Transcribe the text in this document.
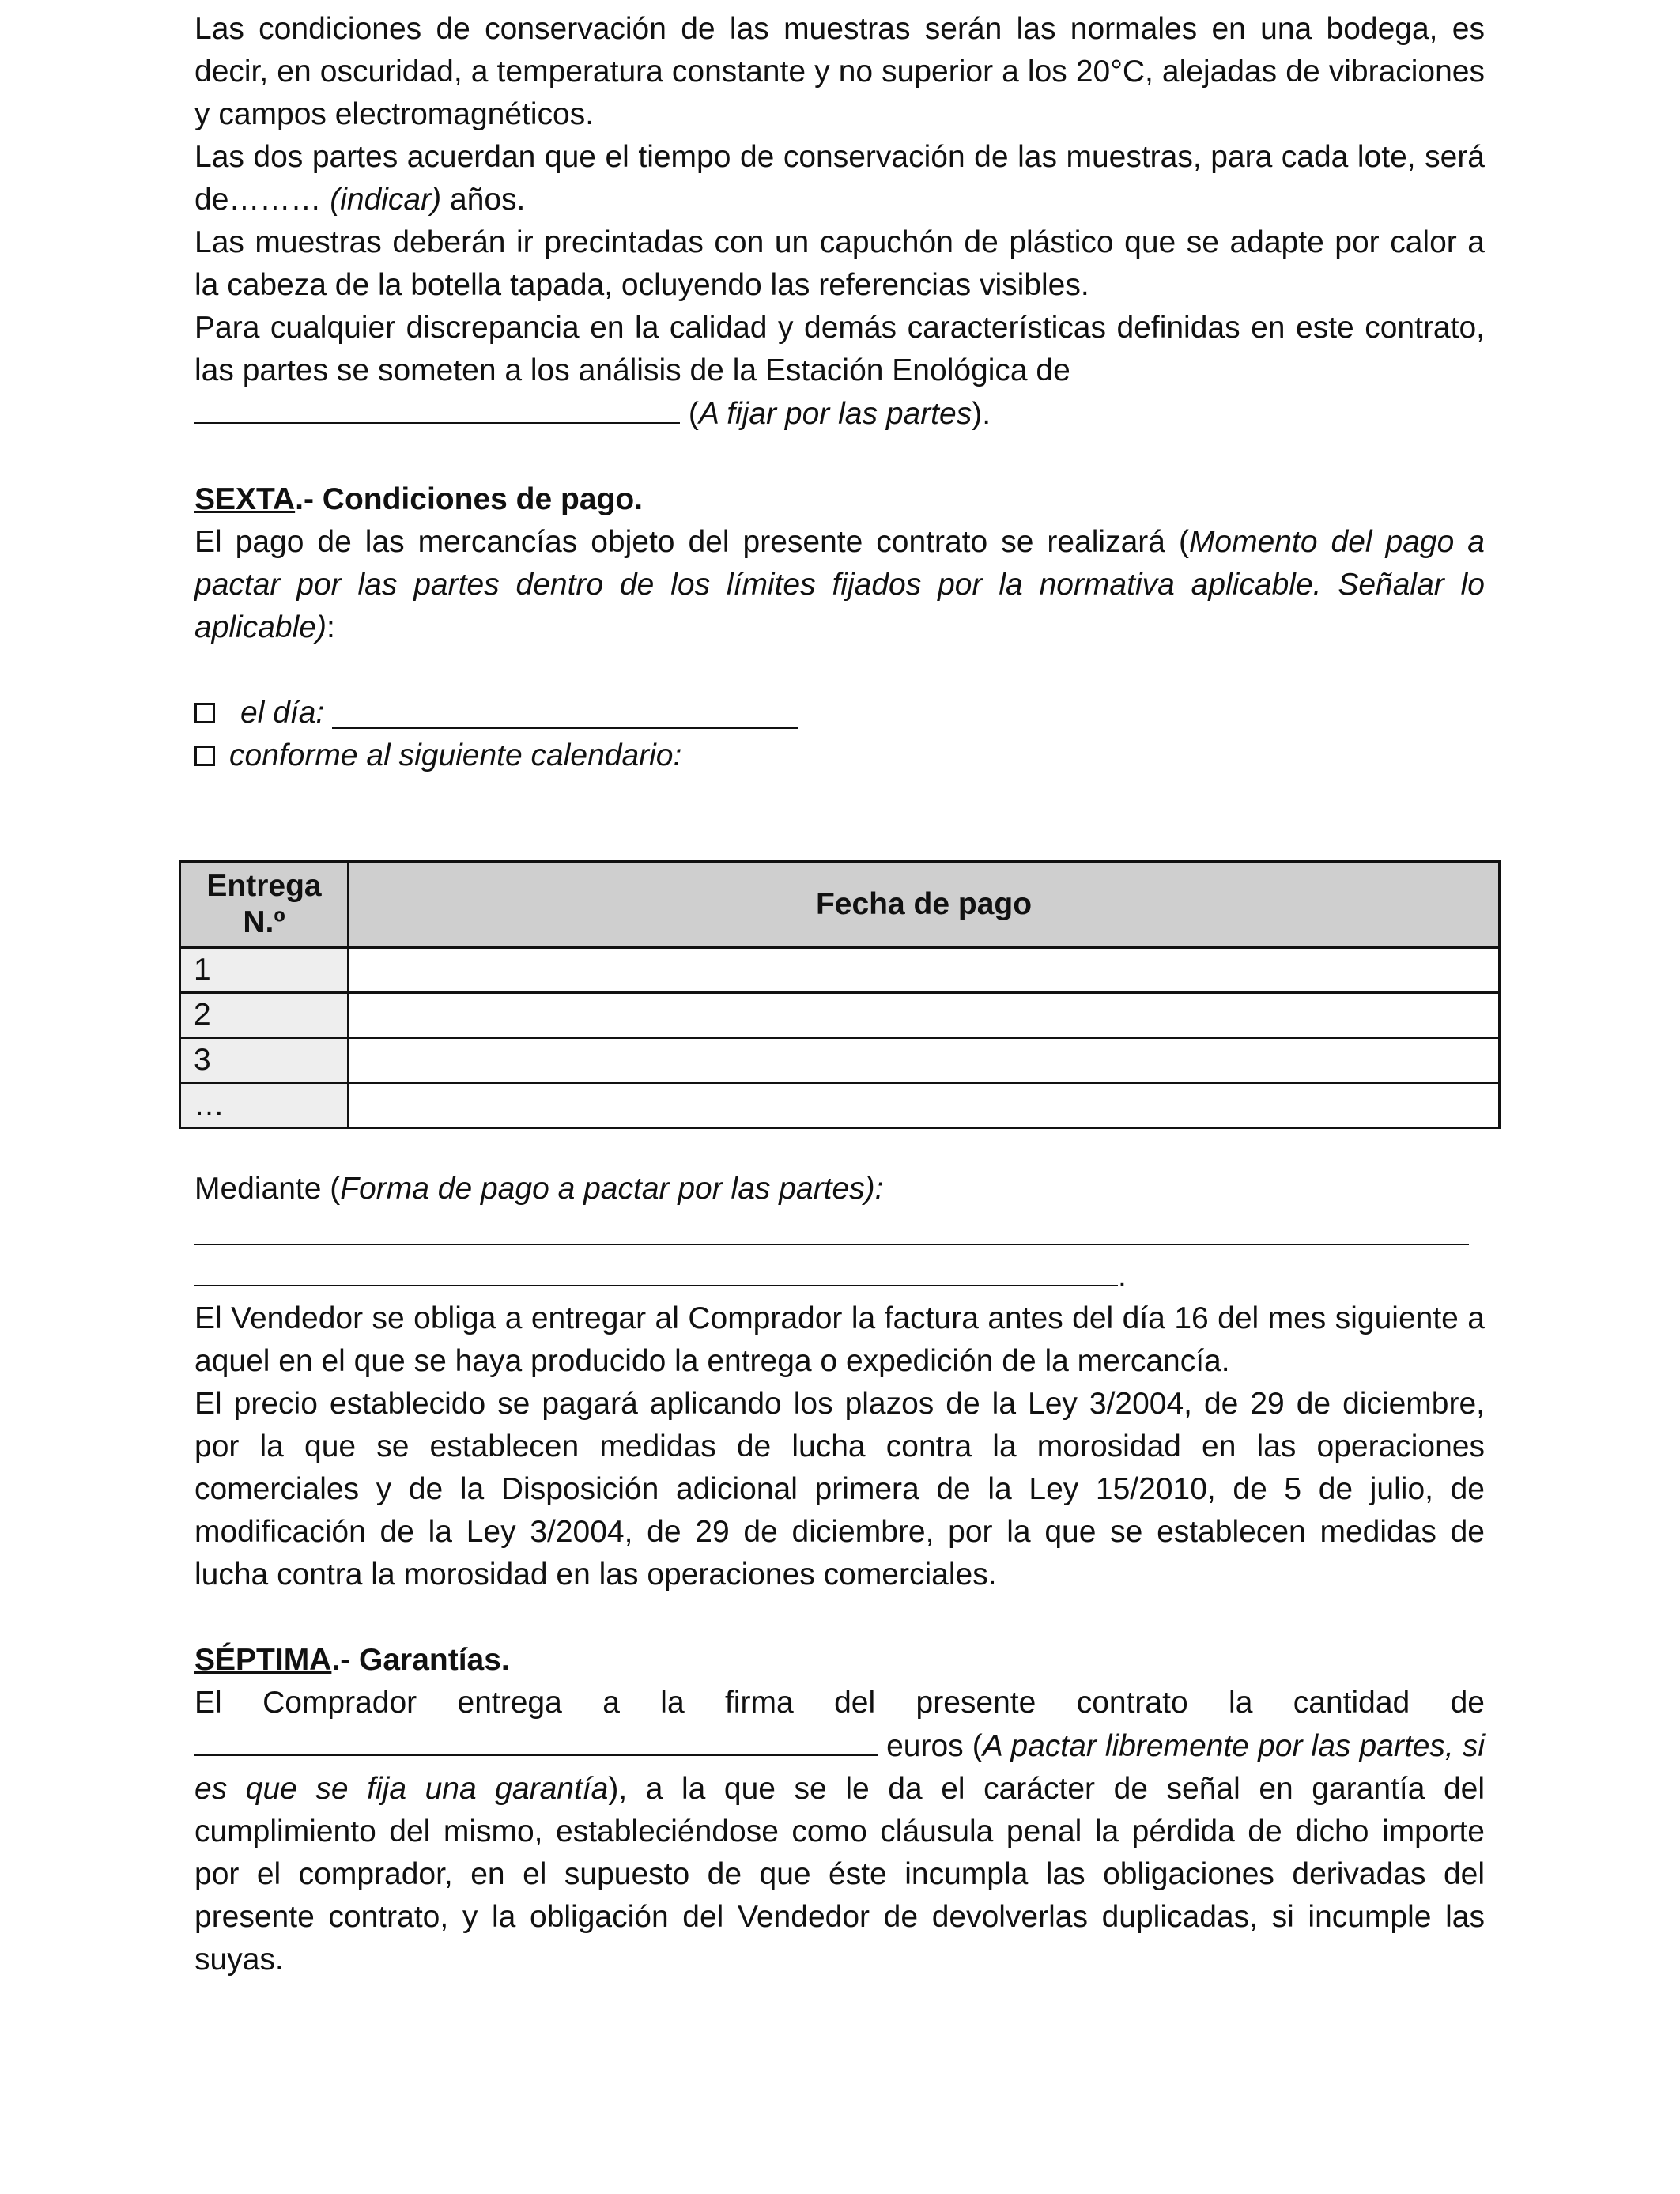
Las condiciones de conservación de las muestras serán las normales en una bodega, es decir, en oscuridad, a temperatura constante y no superior a los 20°C, alejadas de vibraciones y campos electromagnéticos.

Las dos partes acuerdan que el tiempo de conservación de las muestras, para cada lote, será de……… (indicar) años.

Las muestras deberán ir precintadas con un capuchón de plástico que se adapte por calor a la cabeza de la botella tapada, ocluyendo las referencias visibles.

Para cualquier discrepancia en la calidad y demás características definidas en este contrato, las partes se someten a los análisis de la Estación Enológica de

(A fijar por las partes).

SEXTA.- Condiciones de pago.

El pago de las mercancías objeto del presente contrato se realizará (Momento del pago a pactar por las partes dentro de los límites fijados por la normativa aplicable. Señalar lo aplicable):

el día:
conforme al siguiente calendario:
Entrega N.º	Fecha de pago
1	
2	
3	
…	

Mediante (Forma de pago a pactar por las partes):

.

El Vendedor se obliga a entregar al Comprador la factura antes del día 16 del mes siguiente a aquel en el que se haya producido la entrega o expedición de la mercancía.

El precio establecido se pagará aplicando los plazos de la Ley 3/2004, de 29 de diciembre, por la que se establecen medidas de lucha contra la morosidad en las operaciones comerciales y de la Disposición adicional primera de la Ley 15/2010, de 5 de julio, de modificación de la Ley 3/2004, de 29 de diciembre, por la que se establecen medidas de lucha contra la morosidad en las operaciones comerciales.

SÉPTIMA.- Garantías.

El Comprador entrega a la firma del presente contrato la cantidad de

euros (A pactar libremente por las partes, si es que se fija una garantía), a la que se le da el carácter de señal en garantía del cumplimiento del mismo, estableciéndose como cláusula penal la pérdida de dicho importe por el comprador, en el supuesto de que éste incumpla las obligaciones derivadas del presente contrato, y la obligación del Vendedor de devolverlas duplicadas, si incumple las suyas.
